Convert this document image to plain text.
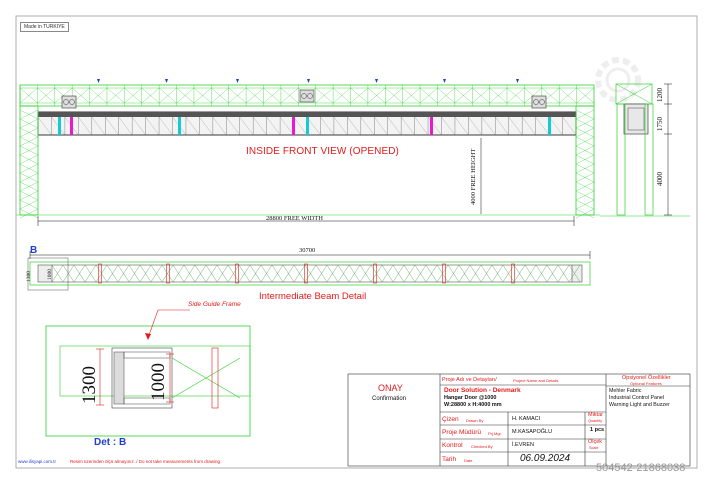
Made in TURKIYE
INSIDE FRONT VIEW (OPENED)
28800 FREE WIDTH
4000 FREE HEIGHT
1200
1750
4000
B	30700
1300	1000
Intermediate Beam Detail
Side Guide Frame
1300	1000
Det : B
ONAY
Confirmation
Proje Adı ve Detayları/	Project Name and Details
Door Solution - Denmark
Hangar Door @1000
W:28800 x H:4000 mm
Opsiyonel Özellikler
Optional Features
Mehler Fabric
Industrial Control Panel
Warning Light and Buzzer
Çizen Drawn By	H. KAMACI
Proje Müdürü Prj.Mgr. M.KASAPOĞLU
Kontrol Checked By	İ.EVREN
Tarih Date	06.09.2024
Miktar
Quantity
1 pcs
Ölçek
Scale
www.ilisyapi.com.tr	Resim üzerinden ölçü almayınız. / Do not take measurements from drawing.
504542-21868038
